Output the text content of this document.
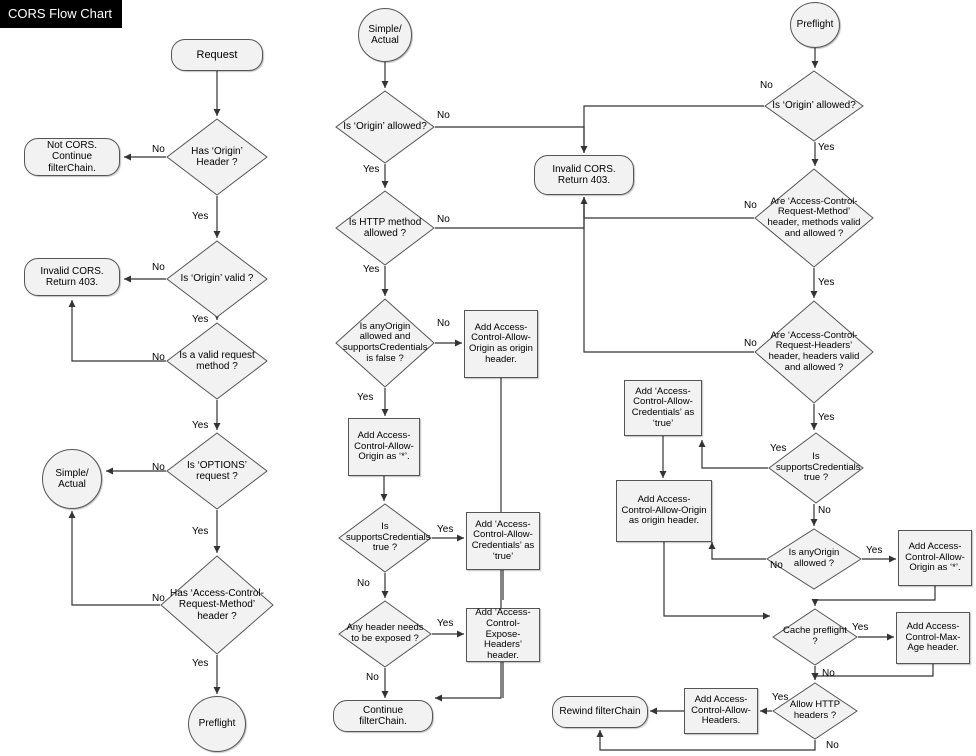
CORS Flow Chart
Request
Has ‘Origin’ Header ?
Not CORS. Continue filterChain.
Is ‘Origin’ valid ?
Invalid CORS. Return 403.
Is a valid request method ?
Is ‘OPTIONS’ request ?
Simple/ Actual
Has ‘Access-Control-Request-Method’ header ?
Preflight
Simple/ Actual
Is ‘Origin’ allowed?
Invalid CORS. Return 403.
Is HTTP method allowed ?
Is anyOrigin allowed and supportsCredentials is false ?
Add Access-Control-Allow-Origin as origin header.
Add Access-Control-Allow-Origin as ‘*’.
Is supportsCredentials true ?
Add ‘Access-Control-Allow-Credentials’ as ‘true’
Any header needs to be exposed ?
Add ‘Access-Control-Expose-Headers’ header.
Continue filterChain.
Preflight
Is ‘Origin’ allowed?
Are ‘Access-Control-Request-Method’ header, methods valid and allowed ?
Are ‘Access-Control-Request-Headers’ header, headers valid and allowed ?
Is supportsCredentials true ?
Add ‘Access-Control-Allow-Credentials’ as ‘true’
Add Access-Control-Allow-Origin as origin header.
Is anyOrigin allowed ?
Add Access-Control-Allow-Origin as ‘*’.
Cache preflight ?
Add Access-Control-Max-Age header.
Allow HTTP headers ?
Add Access-Control-Allow-Headers.
Rewind filterChain
No
Yes
No
Yes
No
Yes
No
Yes
No
Yes
No
Yes
No
Yes
No
Yes
Yes
No
Yes
No
No
Yes
No
Yes
No
Yes
Yes
No
No
Yes
Yes
No
Yes
No
